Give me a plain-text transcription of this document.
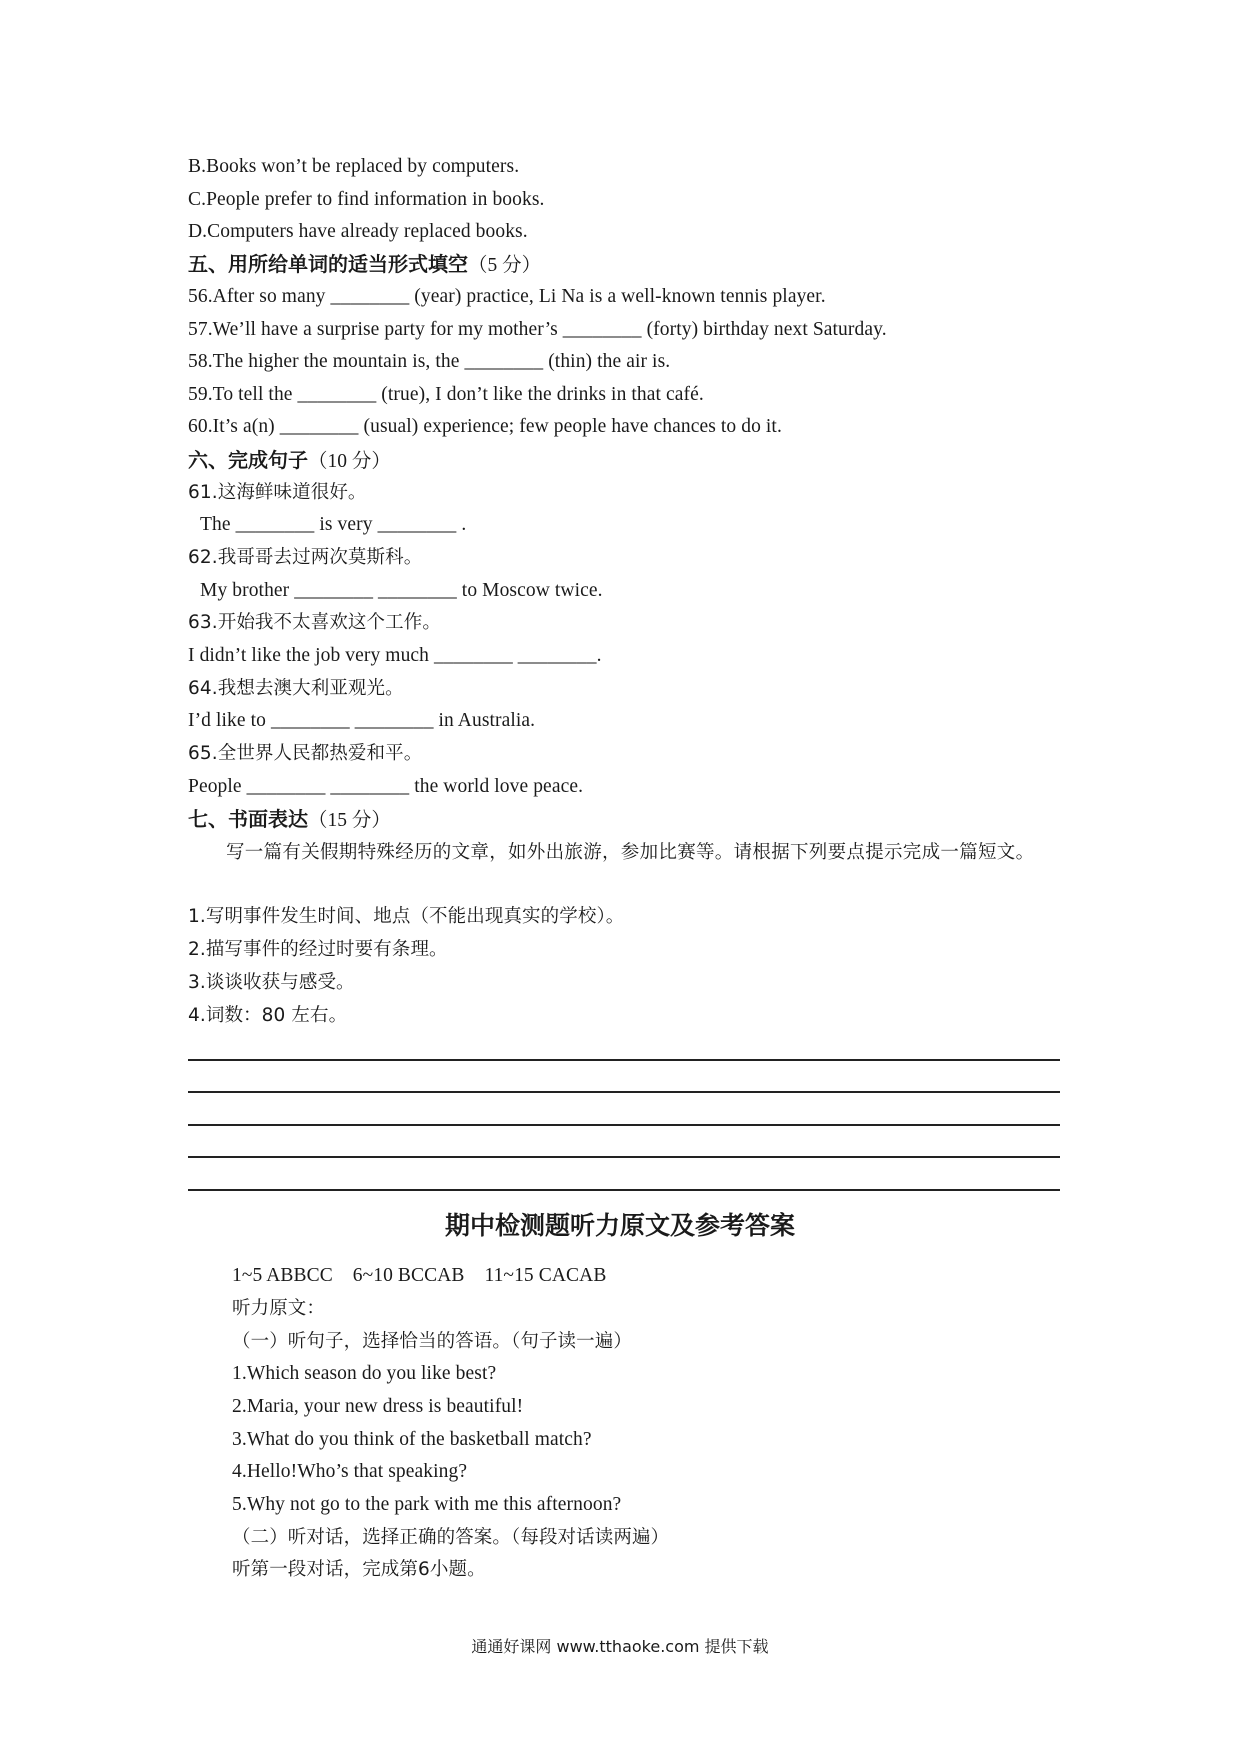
B.Books won’t be replaced by computers.
C.People prefer to find information in books.
D.Computers have already replaced books.
五、用所给单词的适当形式填空（5 分）
56.After so many ________ (year) practice, Li Na is a well-known tennis player.
57.We’ll have a surprise party for my mother’s ________ (forty) birthday next Saturday.
58.The higher the mountain is, the ________ (thin) the air is.
59.To tell the ________ (true), I don’t like the drinks in that café.
60.It’s a(n) ________ (usual) experience; few people have chances to do it.
六、完成句子（10 分）
61.这海鲜味道很好。
The ________ is very ________ .
62.我哥哥去过两次莫斯科。
My brother ________ ________ to Moscow twice.
63.开始我不太喜欢这个工作。
I didn’t like the job very much ________ ________.
64.我想去澳大利亚观光。
I’d like to ________ ________ in Australia.
65.全世界人民都热爱和平。
People ________ ________ the world love peace.
七、书面表达（15 分）
写一篇有关假期特殊经历的文章，如外出旅游，参加比赛等。请根据下列要点提示完成一篇短文。
1.写明事件发生时间、地点（不能出现真实的学校）。
2.描写事件的经过时要有条理。
3.谈谈收获与感受。
4.词数：80 左右。
期中检测题听力原文及参考答案
1~5 ABBCC    6~10 BCCAB    11~15 CACAB
听力原文：
（一）听句子，选择恰当的答语。（句子读一遍）
1.Which season do you like best?
2.Maria, your new dress is beautiful!
3.What do you think of the basketball match?
4.Hello!Who’s that speaking?
5.Why not go to the park with me this afternoon?
（二）听对话，选择正确的答案。（每段对话读两遍）
听第一段对话，完成第6小题。
通通好课网 www.tthaoke.com 提供下载
